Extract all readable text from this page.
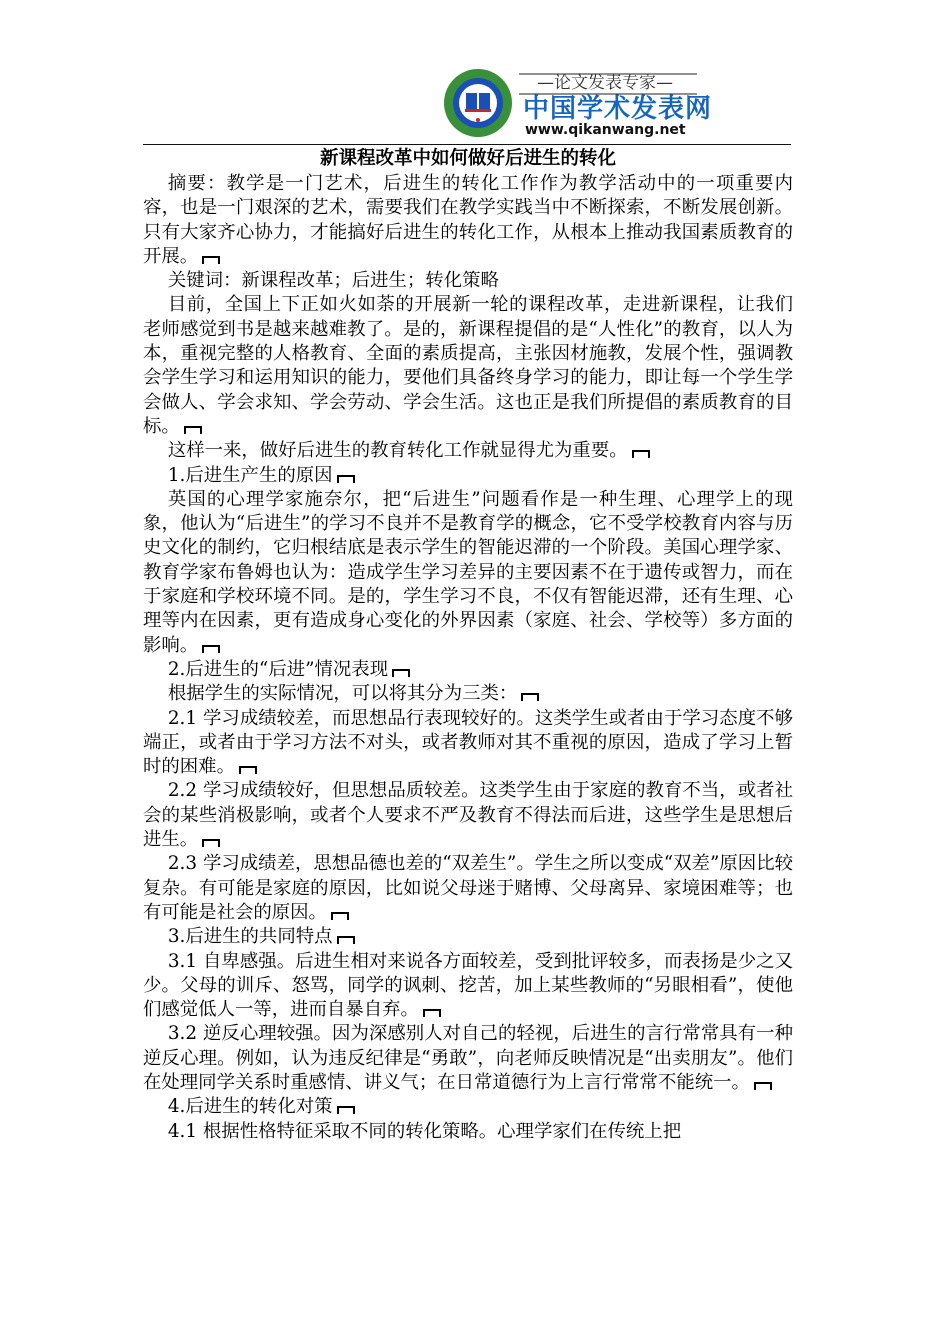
—论文发表专家—
中国学术发表网
www.qikanwang.net
新课程改革中如何做好后进生的转化

摘要：教学是一门艺术，后进生的转化工作作为教学活动中的一项重要内容，也是一门艰深的艺术，需要我们在教学实践当中不断探索，不断发展创新。只有大家齐心协力，才能搞好后进生的转化工作，从根本上推动我国素质教育的开展。

关键词：新课程改革；后进生；转化策略

目前，全国上下正如火如荼的开展新一轮的课程改革，走进新课程，让我们老师感觉到书是越来越难教了。是的，新课程提倡的是“人性化”的教育，以人为本，重视完整的人格教育、全面的素质提高，主张因材施教，发展个性，强调教会学生学习和运用知识的能力，要他们具备终身学习的能力，即让每一个学生学会做人、学会求知、学会劳动、学会生活。这也正是我们所提倡的素质教育的目标。

这样一来，做好后进生的教育转化工作就显得尤为重要。

1.后进生产生的原因

英国的心理学家施奈尔，把“后进生”问题看作是一种生理、心理学上的现象，他认为“后进生”的学习不良并不是教育学的概念，它不受学校教育内容与历史文化的制约，它归根结底是表示学生的智能迟滞的一个阶段。美国心理学家、教育学家布鲁姆也认为：造成学生学习差异的主要因素不在于遗传或智力，而在于家庭和学校环境不同。是的，学生学习不良，不仅有智能迟滞，还有生理、心理等内在因素，更有造成身心变化的外界因素（家庭、社会、学校等）多方面的影响。

2.后进生的“后进”情况表现

根据学生的实际情况，可以将其分为三类：

2.1 学习成绩较差，而思想品行表现较好的。这类学生或者由于学习态度不够端正，或者由于学习方法不对头，或者教师对其不重视的原因，造成了学习上暂时的困难。

2.2 学习成绩较好，但思想品质较差。这类学生由于家庭的教育不当，或者社会的某些消极影响，或者个人要求不严及教育不得法而后进，这些学生是思想后进生。

2.3 学习成绩差，思想品德也差的“双差生”。学生之所以变成“双差”原因比较复杂。有可能是家庭的原因，比如说父母迷于赌博、父母离异、家境困难等；也有可能是社会的原因。

3.后进生的共同特点

3.1 自卑感强。后进生相对来说各方面较差，受到批评较多，而表扬是少之又少。父母的训斥、怒骂，同学的讽刺、挖苦，加上某些教师的“另眼相看”，使他们感觉低人一等，进而自暴自弃。

3.2 逆反心理较强。因为深感别人对自己的轻视，后进生的言行常常具有一种逆反心理。例如，认为违反纪律是“勇敢”，向老师反映情况是“出卖朋友”。他们在处理同学关系时重感情、讲义气；在日常道德行为上言行常常不能统一。

4.后进生的转化对策

4.1 根据性格特征采取不同的转化策略。心理学家们在传统上把
